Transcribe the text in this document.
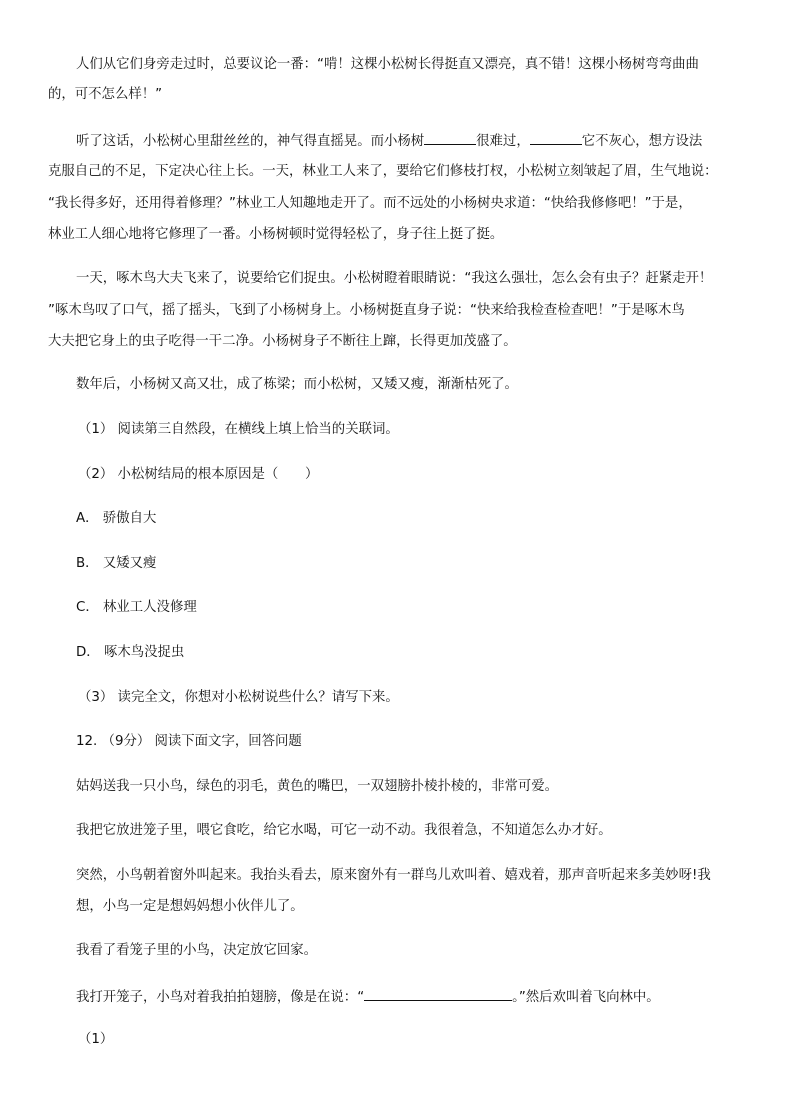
人们从它们身旁走过时，总要议论一番：“啃！这棵小松树长得挺直又漂亮，真不错！这棵小杨树弯弯曲曲
的，可不怎么样！”
听了这话，小松树心里甜丝丝的，神气得直摇晃。而小杨树	很难过，	它不灰心，想方设法
克服自己的不足，下定决心往上长。一天，林业工人来了，要给它们修枝打杈，小松树立刻皱起了眉，生气地说：
“我长得多好，还用得着修理？”林业工人知趣地走开了。而不远处的小杨树央求道：“快给我修修吧！”于是，
林业工人细心地将它修理了一番。小杨树顿时觉得轻松了，身子往上挺了挺。
一天，啄木鸟大夫飞来了，说要给它们捉虫。小松树瞪着眼睛说：“我这么强壮，怎么会有虫子？赶紧走开！
”啄木鸟叹了口气，摇了摇头，飞到了小杨树身上。小杨树挺直身子说：“快来给我检查检查吧！”于是啄木鸟
大夫把它身上的虫子吃得一干二净。小杨树身子不断往上蹿，长得更加茂盛了。
数年后，小杨树又高又壮，成了栋梁；而小松树，又矮又瘦，渐渐枯死了。
（1） 阅读第三自然段，在横线上填上恰当的关联词。
（2） 小松树结局的根本原因是（　　）
A． 骄傲自大
B． 又矮又瘦
C． 林业工人没修理
D． 啄木鸟没捉虫
（3） 读完全文，你想对小松树说些什么？请写下来。
12. （9分） 阅读下面文字，回答问题
姑妈送我一只小鸟，绿色的羽毛，黄色的嘴巴，一双翅膀扑棱扑棱的，非常可爱。
我把它放进笼子里，喂它食吃，给它水喝，可它一动不动。我很着急，不知道怎么办才好。
突然，小鸟朝着窗外叫起来。我抬头看去，原来窗外有一群鸟儿欢叫着、嬉戏着，那声音听起来多美妙呀!我
想，小鸟一定是想妈妈想小伙伴儿了。
我看了看笼子里的小鸟，决定放它回家。
我打开笼子，小鸟对着我拍拍翅膀，像是在说：“	。”然后欢叫着飞向林中。
（1）
